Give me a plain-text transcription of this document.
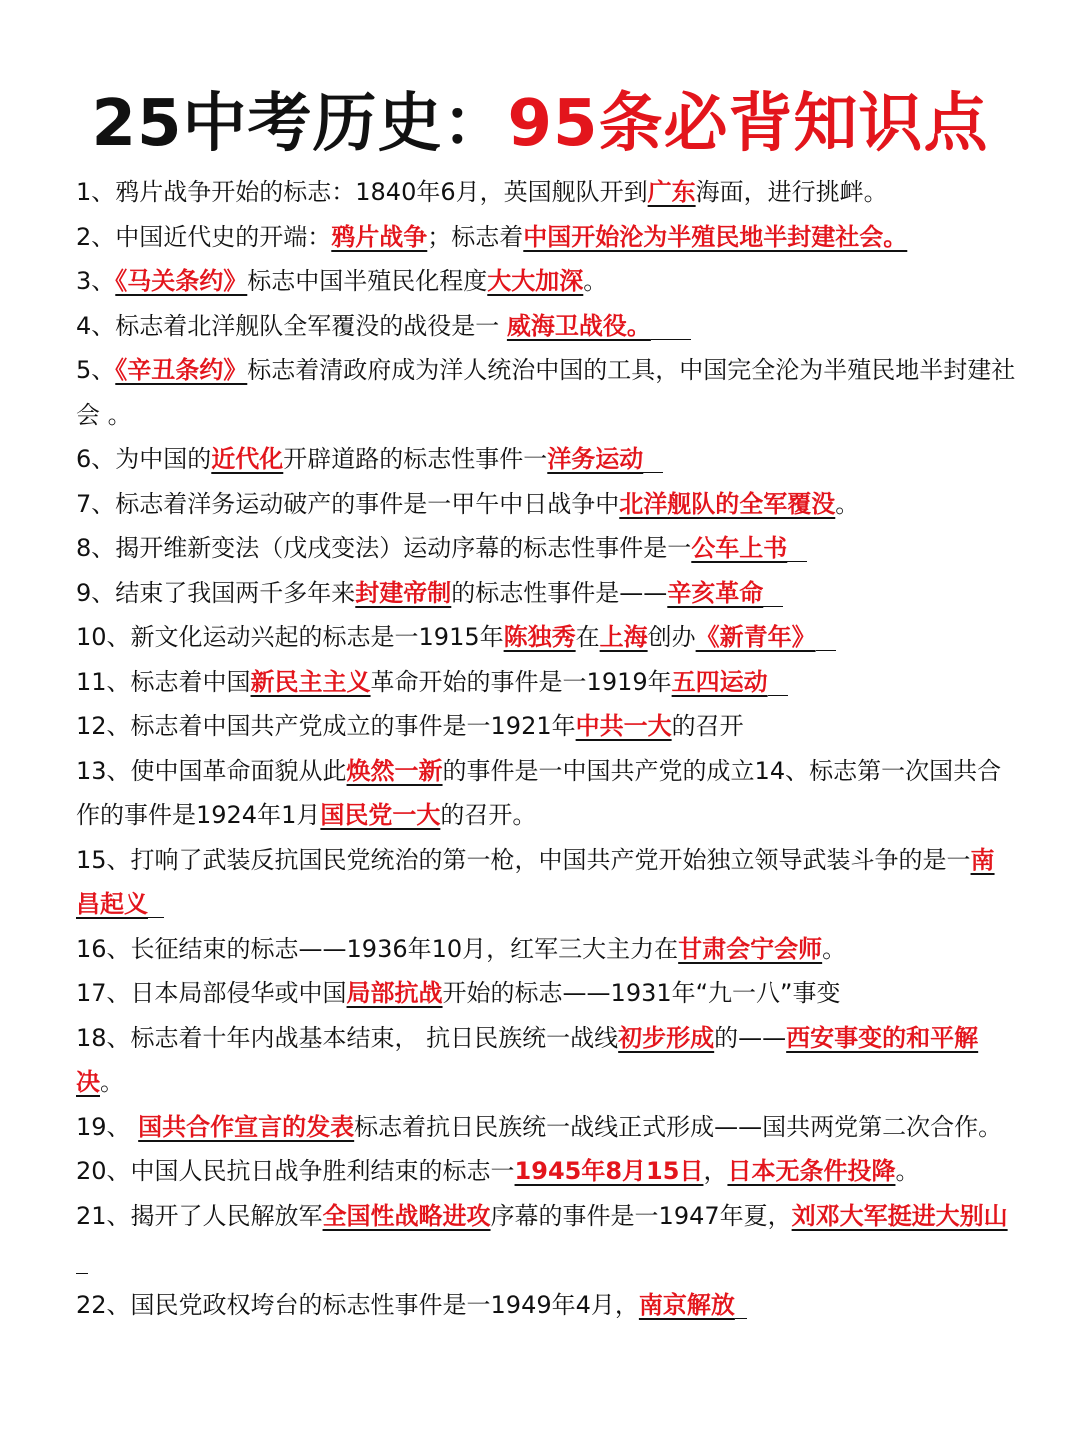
25中考历史：95条必背知识点

1、鸦片战争开始的标志：1840年6月，英国舰队开到广东海面，进行挑衅。

2、中国近代史的开端：鸦片战争；标志着中国开始沦为半殖民地半封建社会。

3、《马关条约》标志中国半殖民化程度大大加深。

4、标志着北洋舰队全军覆没的战役是一 威海卫战役。

5、《辛丑条约》标志着清政府成为洋人统治中国的工具，中国完全沦为半殖民地半封建社会 。

6、为中国的近代化开辟道路的标志性事件一洋务运动

7、标志着洋务运动破产的事件是一甲午中日战争中北洋舰队的全军覆没。

8、揭开维新变法（戊戌变法）运动序幕的标志性事件是一公车上书

9、结束了我国两千多年来封建帝制的标志性事件是——辛亥革命

10、新文化运动兴起的标志是一1915年陈独秀在上海创办《新青年》

11、标志着中国新民主主义革命开始的事件是一1919年五四运动

12、标志着中国共产党成立的事件是一1921年中共一大的召开

13、使中国革命面貌从此焕然一新的事件是一中国共产党的成立14、标志第一次国共合作的事件是1924年1月国民党一大的召开。

15、打响了武装反抗国民党统治的第一枪，中国共产党开始独立领导武装斗争的是一南昌起义

16、长征结束的标志——1936年10月，红军三大主力在甘肃会宁会师。

17、日本局部侵华或中国局部抗战开始的标志——1931年“九一八”事变

18、标志着十年内战基本结束， 抗日民族统一战线初步形成的——西安事变的和平解决。

19、 国共合作宣言的发表标志着抗日民族统一战线正式形成——国共两党第二次合作。

20、中国人民抗日战争胜利结束的标志一1945年8月15日，日本无条件投降。

21、揭开了人民解放军全国性战略进攻序幕的事件是一1947年夏，刘邓大军挺进大别山

22、国民党政权垮台的标志性事件是一1949年4月，南京解放
